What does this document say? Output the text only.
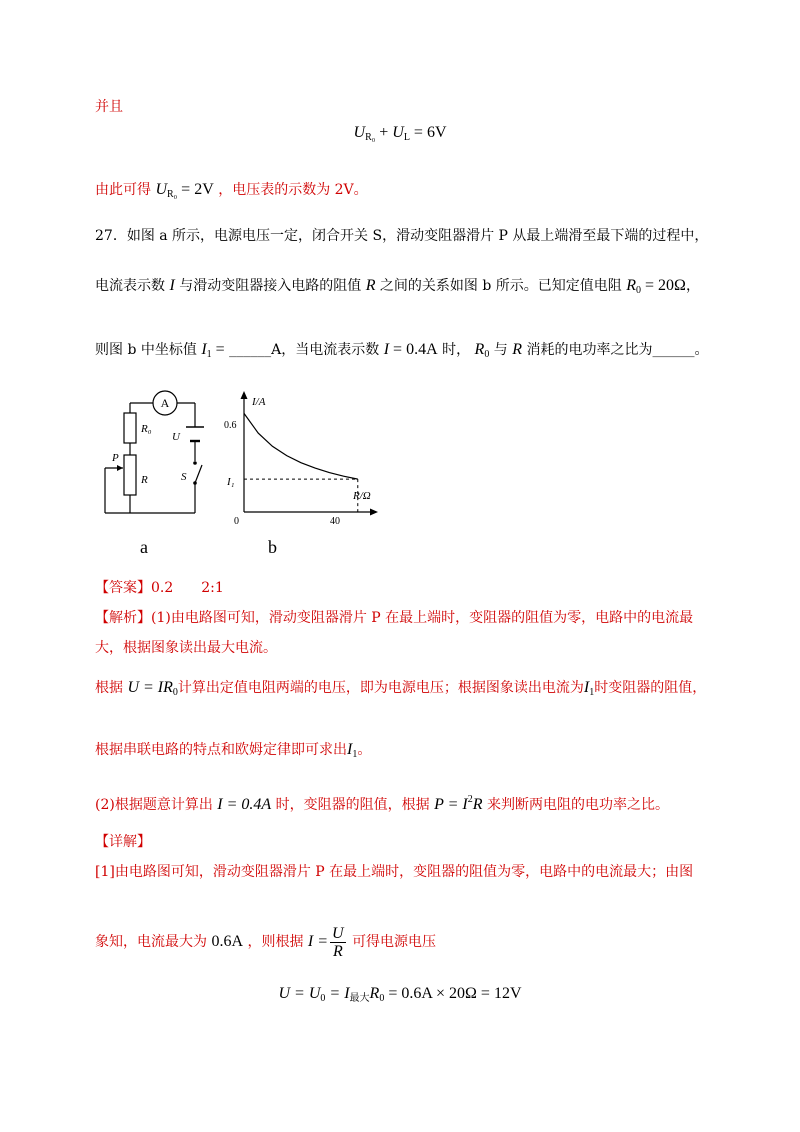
并且
$U_{R_0} + U_L = 6V$
由此可得 $U_{R_0} = 2V$ ，电压表的示数为 2V。
27．如图 a 所示，电源电压一定，闭合开关 S，滑动变阻器滑片 P 从最上端滑至最下端的过程中，
电流表示数 I 与滑动变阻器接入电路的阻值 R 之间的关系如图 b 所示。已知定值电阻 $R_0 = 20\Omega$，
则图 b 中坐标值 $I_1$ = ______A，当电流表示数 I = 0.4A 时， $R_0$ 与 R 消耗的电功率之比为______。
A
R₀
P
R
U
S
a
I/A
R/Ω
0.6
I₁
0	40
b
【答案】0.2　　2:1
【解析】(1)由电路图可知，滑动变阻器滑片 P 在最上端时，变阻器的阻值为零，电路中的电流最
大，根据图象读出最大电流。
根据 $U = IR_0$计算出定值电阻两端的电压，即为电源电压；根据图象读出电流为$I_1$时变阻器的阻值，
根据串联电路的特点和欧姆定律即可求出$I_1$。
(2)根据题意计算出 I = 0.4A 时，变阻器的阻值，根据 $P = I^2R$ 来判断两电阻的电功率之比。
【详解】
[1]由电路图可知，滑动变阻器滑片 P 在最上端时，变阻器的阻值为零，电路中的电流最大；由图
象知，电流最大为 0.6A ，则根据 $I = \frac{U}{R}$ 可得电源电压
$U = U_0 = I_{最大}R_0 = 0.6A \times 20\Omega = 12V$
